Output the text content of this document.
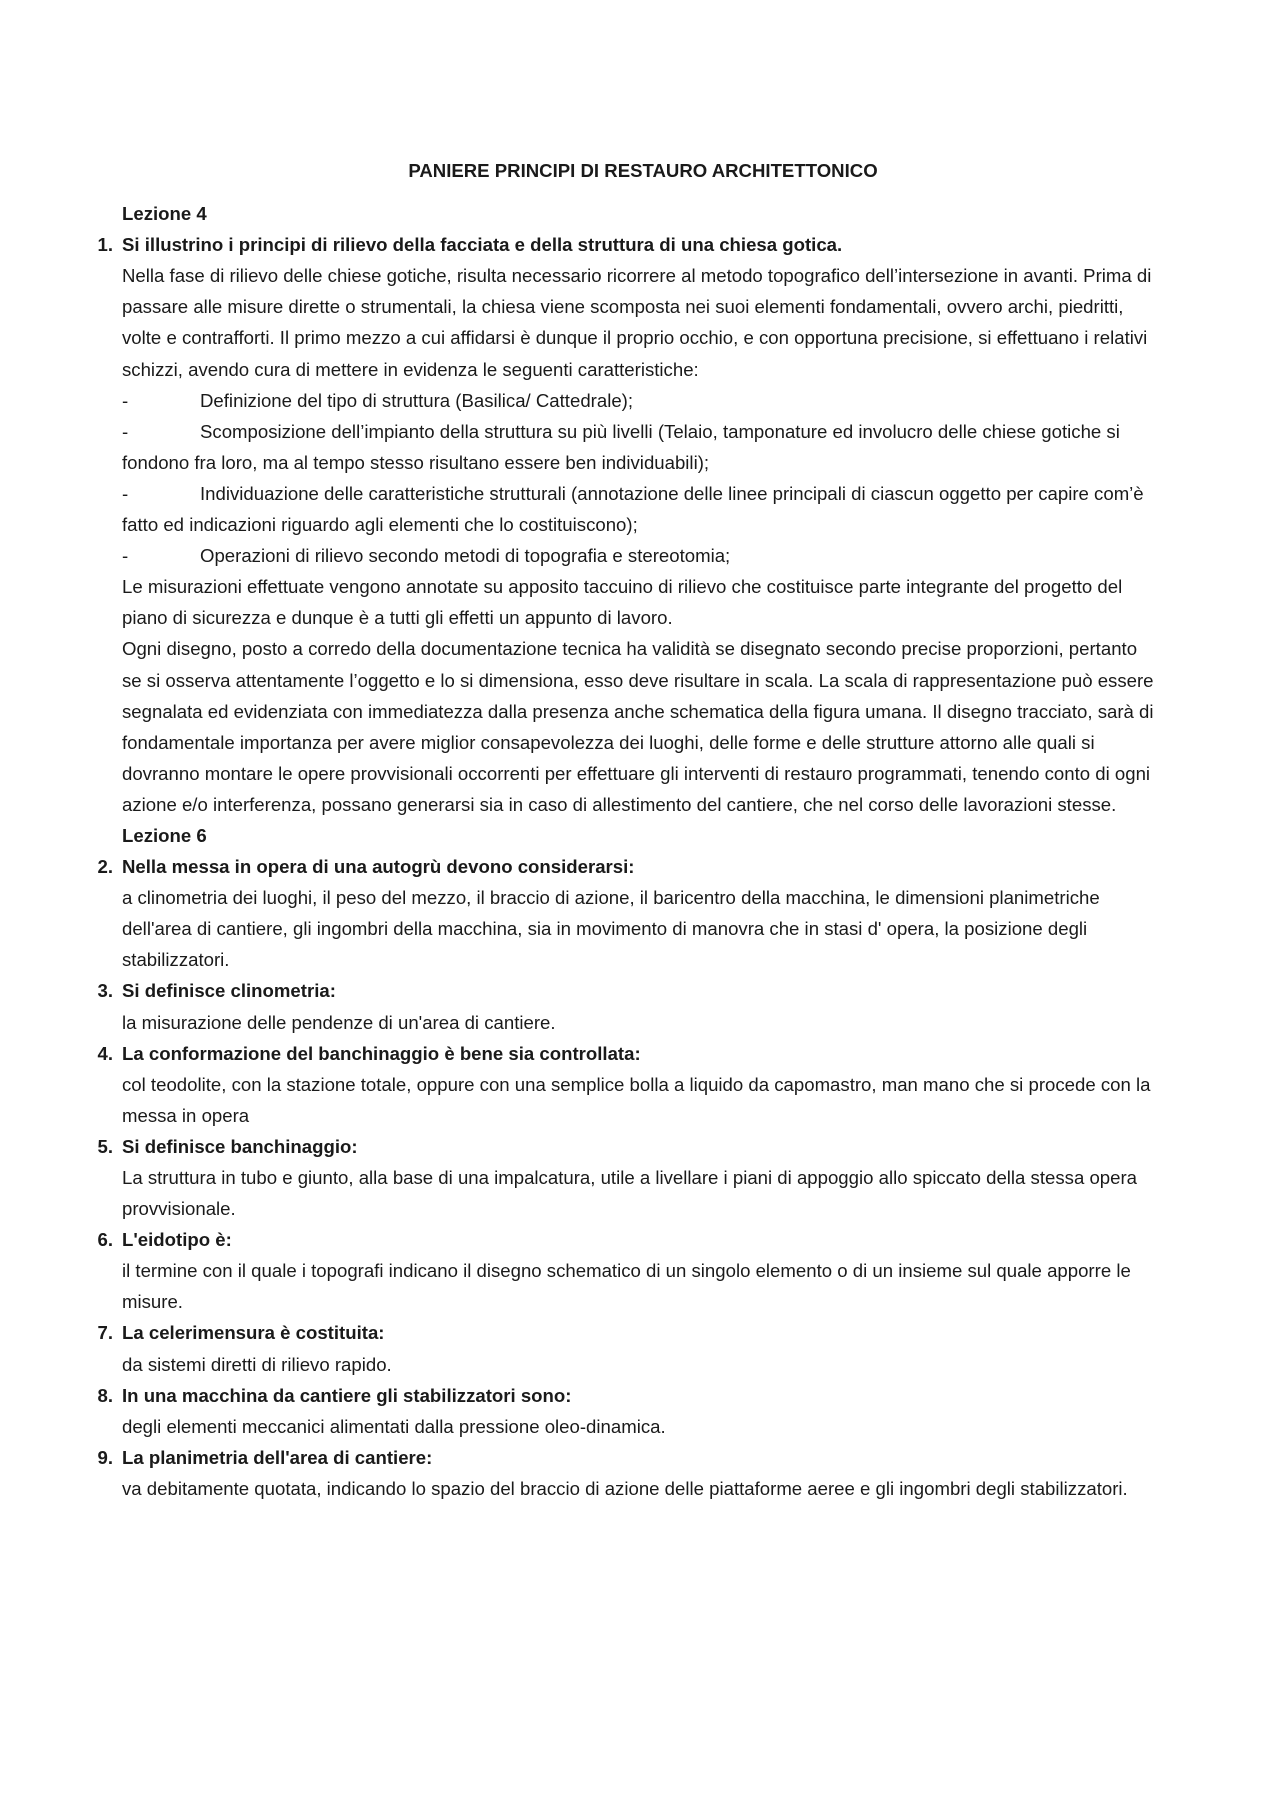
PANIERE PRINCIPI DI RESTAURO ARCHITETTONICO
Lezione 4
1. Si illustrino i principi di rilievo della facciata e della struttura di una chiesa gotica.

Nella fase di rilievo delle chiese gotiche, risulta necessario ricorrere al metodo topografico dell’intersezione in avanti. Prima di passare alle misure dirette o strumentali, la chiesa viene scomposta nei suoi elementi fondamentali, ovvero archi, piedritti, volte e contrafforti. Il primo mezzo a cui affidarsi è dunque il proprio occhio, e con opportuna precisione, si effettuano i relativi schizzi, avendo cura di mettere in evidenza le seguenti caratteristiche:

-	Definizione del tipo di struttura (Basilica/ Cattedrale);
-	Scomposizione dell’impianto della struttura su più livelli (Telaio, tamponature ed involucro delle chiese gotiche si fondono fra loro, ma al tempo stesso risultano essere ben individuabili);
-	Individuazione delle caratteristiche strutturali (annotazione delle linee principali di ciascun oggetto per capire com’è fatto ed indicazioni riguardo agli elementi che lo costituiscono);
-	Operazioni di rilievo secondo metodi di topografia e stereotomia;

Le misurazioni effettuate vengono annotate su apposito taccuino di rilievo che costituisce parte integrante del progetto del piano di sicurezza e dunque è a tutti gli effetti un appunto di lavoro.

Ogni disegno, posto a corredo della documentazione tecnica ha validità se disegnato secondo precise proporzioni, pertanto se si osserva attentamente l’oggetto e lo si dimensiona, esso deve risultare in scala. La scala di rappresentazione può essere segnalata ed evidenziata con immediatezza dalla presenza anche schematica della figura umana. Il disegno tracciato, sarà di fondamentale importanza per avere miglior consapevolezza dei luoghi, delle forme e delle strutture attorno alle quali si dovranno montare le opere provvisionali occorrenti per effettuare gli interventi di restauro programmati, tenendo conto di ogni azione e/o interferenza, possano generarsi sia in caso di allestimento del cantiere, che nel corso delle lavorazioni stesse.

Lezione 6
2. Nella messa in opera di una autogrù devono considerarsi:

a clinometria dei luoghi, il peso del mezzo, il braccio di azione, il baricentro della macchina, le dimensioni planimetriche dell'area di cantiere, gli ingombri della macchina, sia in movimento di manovra che in stasi d' opera, la posizione degli stabilizzatori.

3. Si definisce clinometria:

la misurazione delle pendenze di un'area di cantiere.

4. La conformazione del banchinaggio è bene sia controllata:

col teodolite, con la stazione totale, oppure con una semplice bolla a liquido da capomastro, man mano che si procede con la messa in opera

5. Si definisce banchinaggio:

La struttura in tubo e giunto, alla base di una impalcatura, utile a livellare i piani di appoggio allo spiccato della stessa opera provvisionale.

6. L'eidotipo è:

il termine con il quale i topografi indicano il disegno schematico di un singolo elemento o di un insieme sul quale apporre le misure.

7. La celerimensura è costituita:

da sistemi diretti di rilievo rapido.

8. In una macchina da cantiere gli stabilizzatori sono:

degli elementi meccanici alimentati dalla pressione oleo-dinamica.

9. La planimetria dell'area di cantiere:

va debitamente quotata, indicando lo spazio del braccio di azione delle piattaforme aeree e gli ingombri degli stabilizzatori.
